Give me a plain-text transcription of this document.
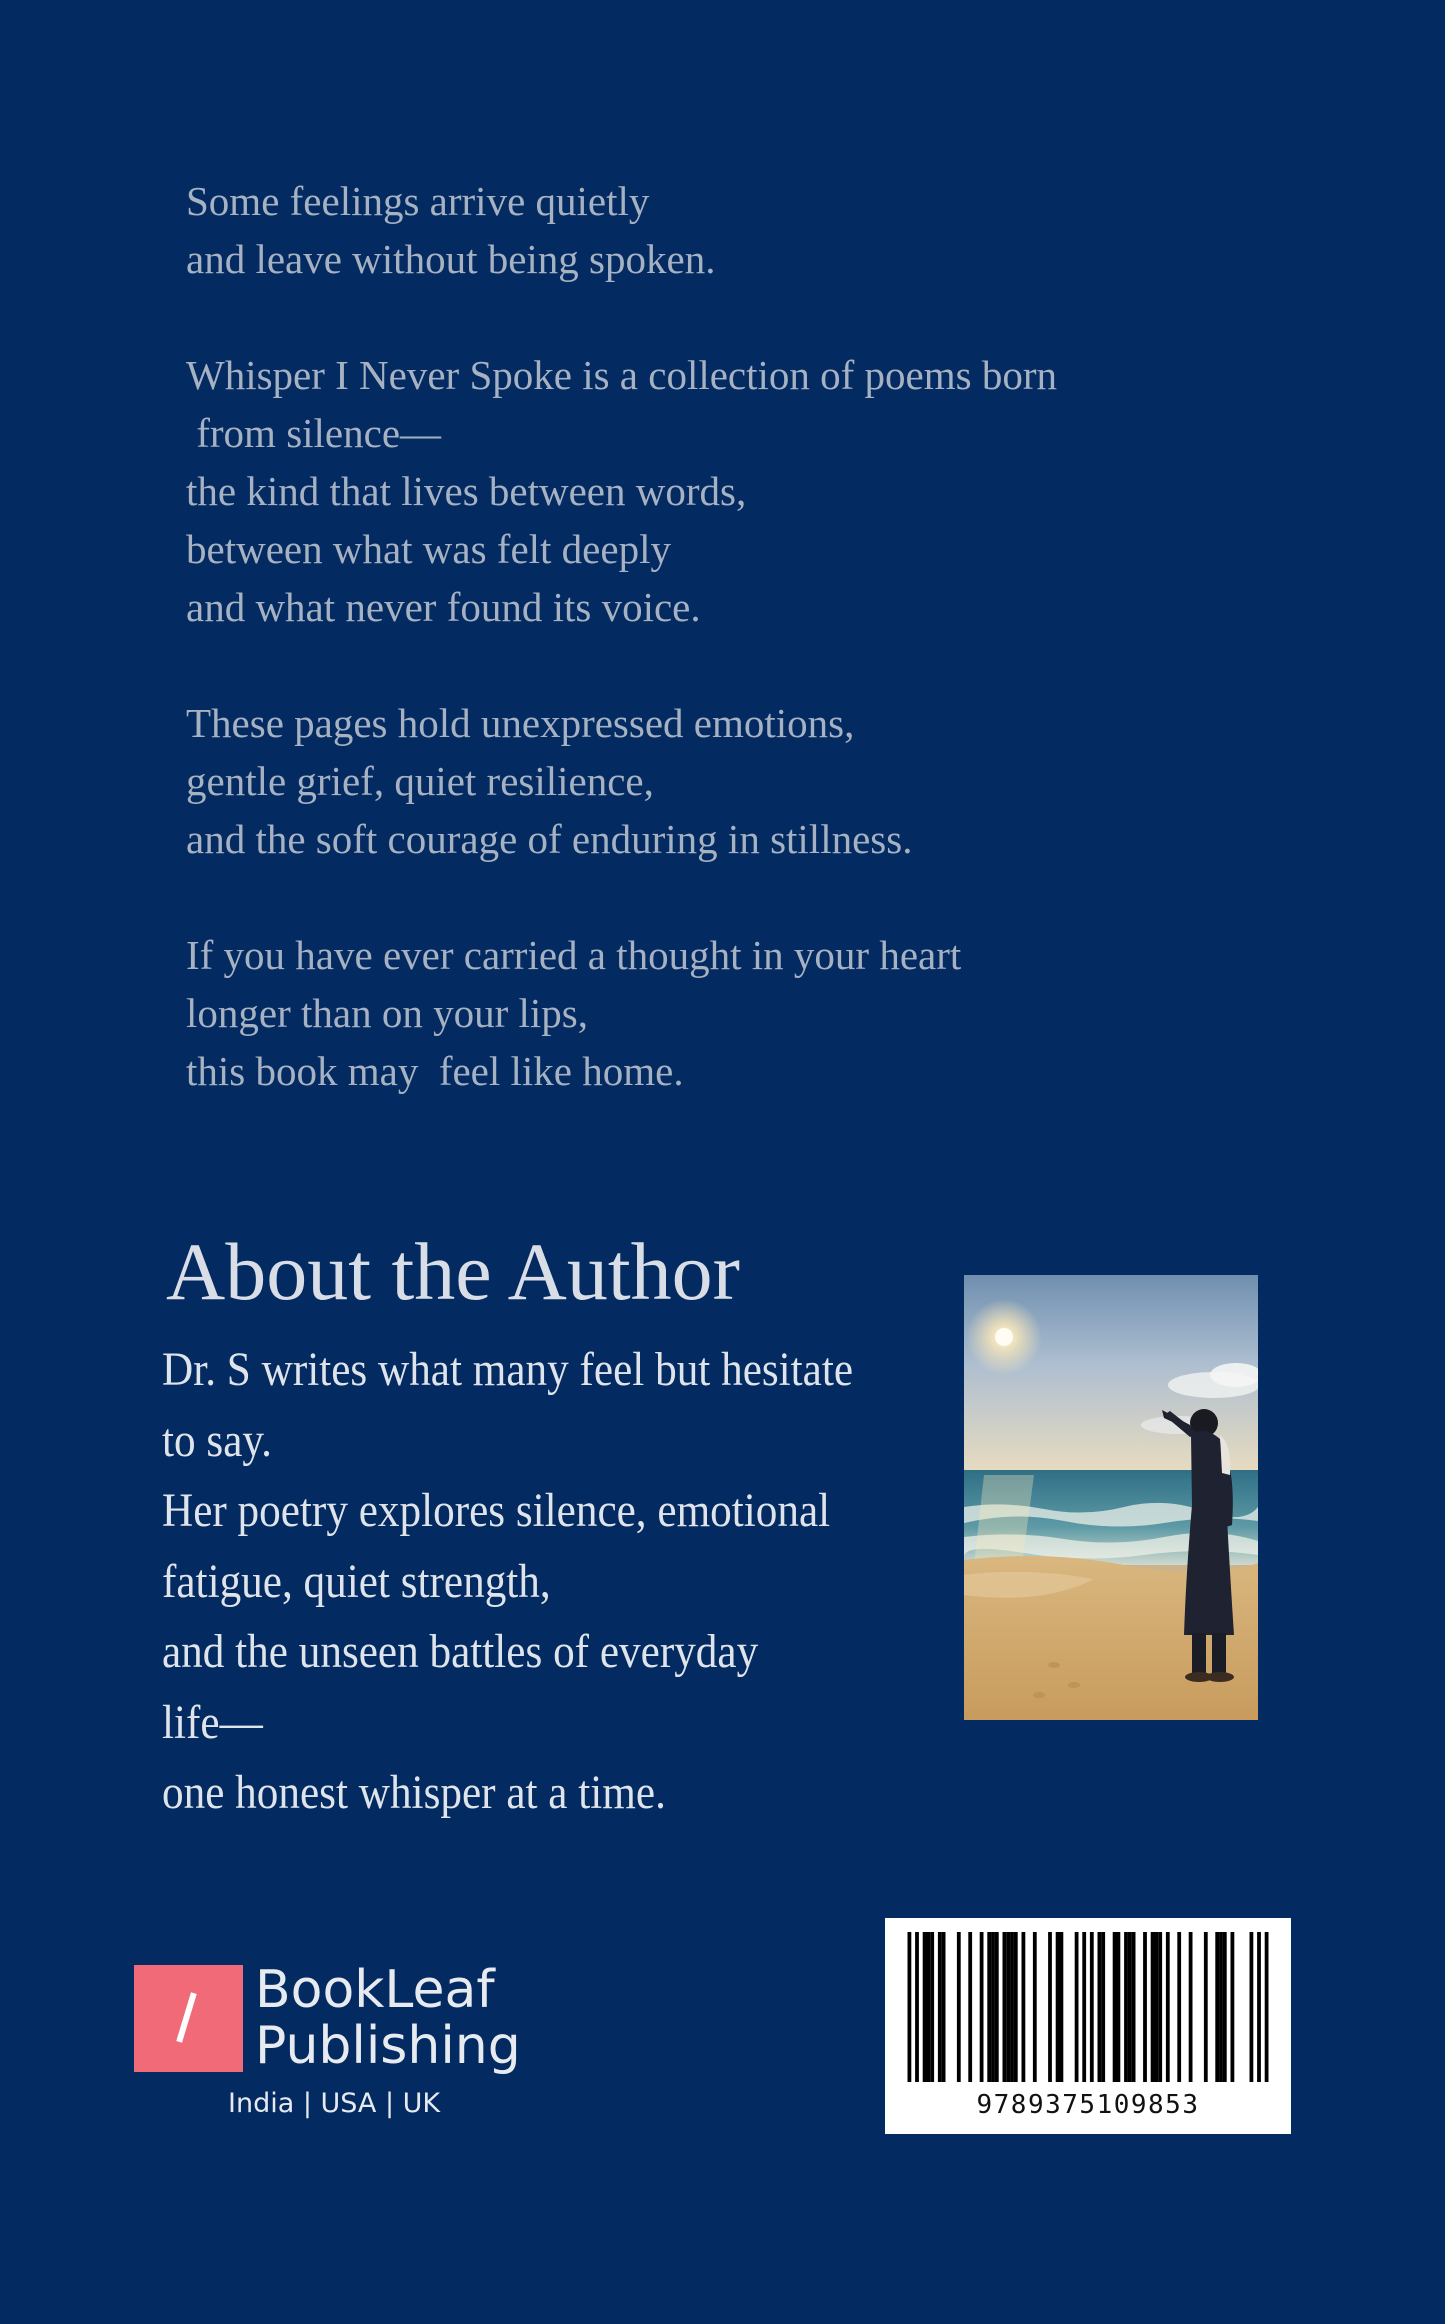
Some feelings arrive quietly
and leave without being spoken.
Whisper I Never Spoke is a collection of poems born
from silence—
the kind that lives between words,
between what was felt deeply
and what never found its voice.
These pages hold unexpressed emotions,
gentle grief, quiet resilience,
and the soft courage of enduring in stillness.
If you have ever carried a thought in your heart
longer than on your lips,
this book may  feel like home.
About the Author
Dr. S writes what many feel but hesitate
to say.
Her poetry explores silence, emotional
fatigue, quiet strength,
and the unseen battles of everyday
life—
one honest whisper at a time.
BookLeaf
Publishing
India | USA | UK	9789375109853
